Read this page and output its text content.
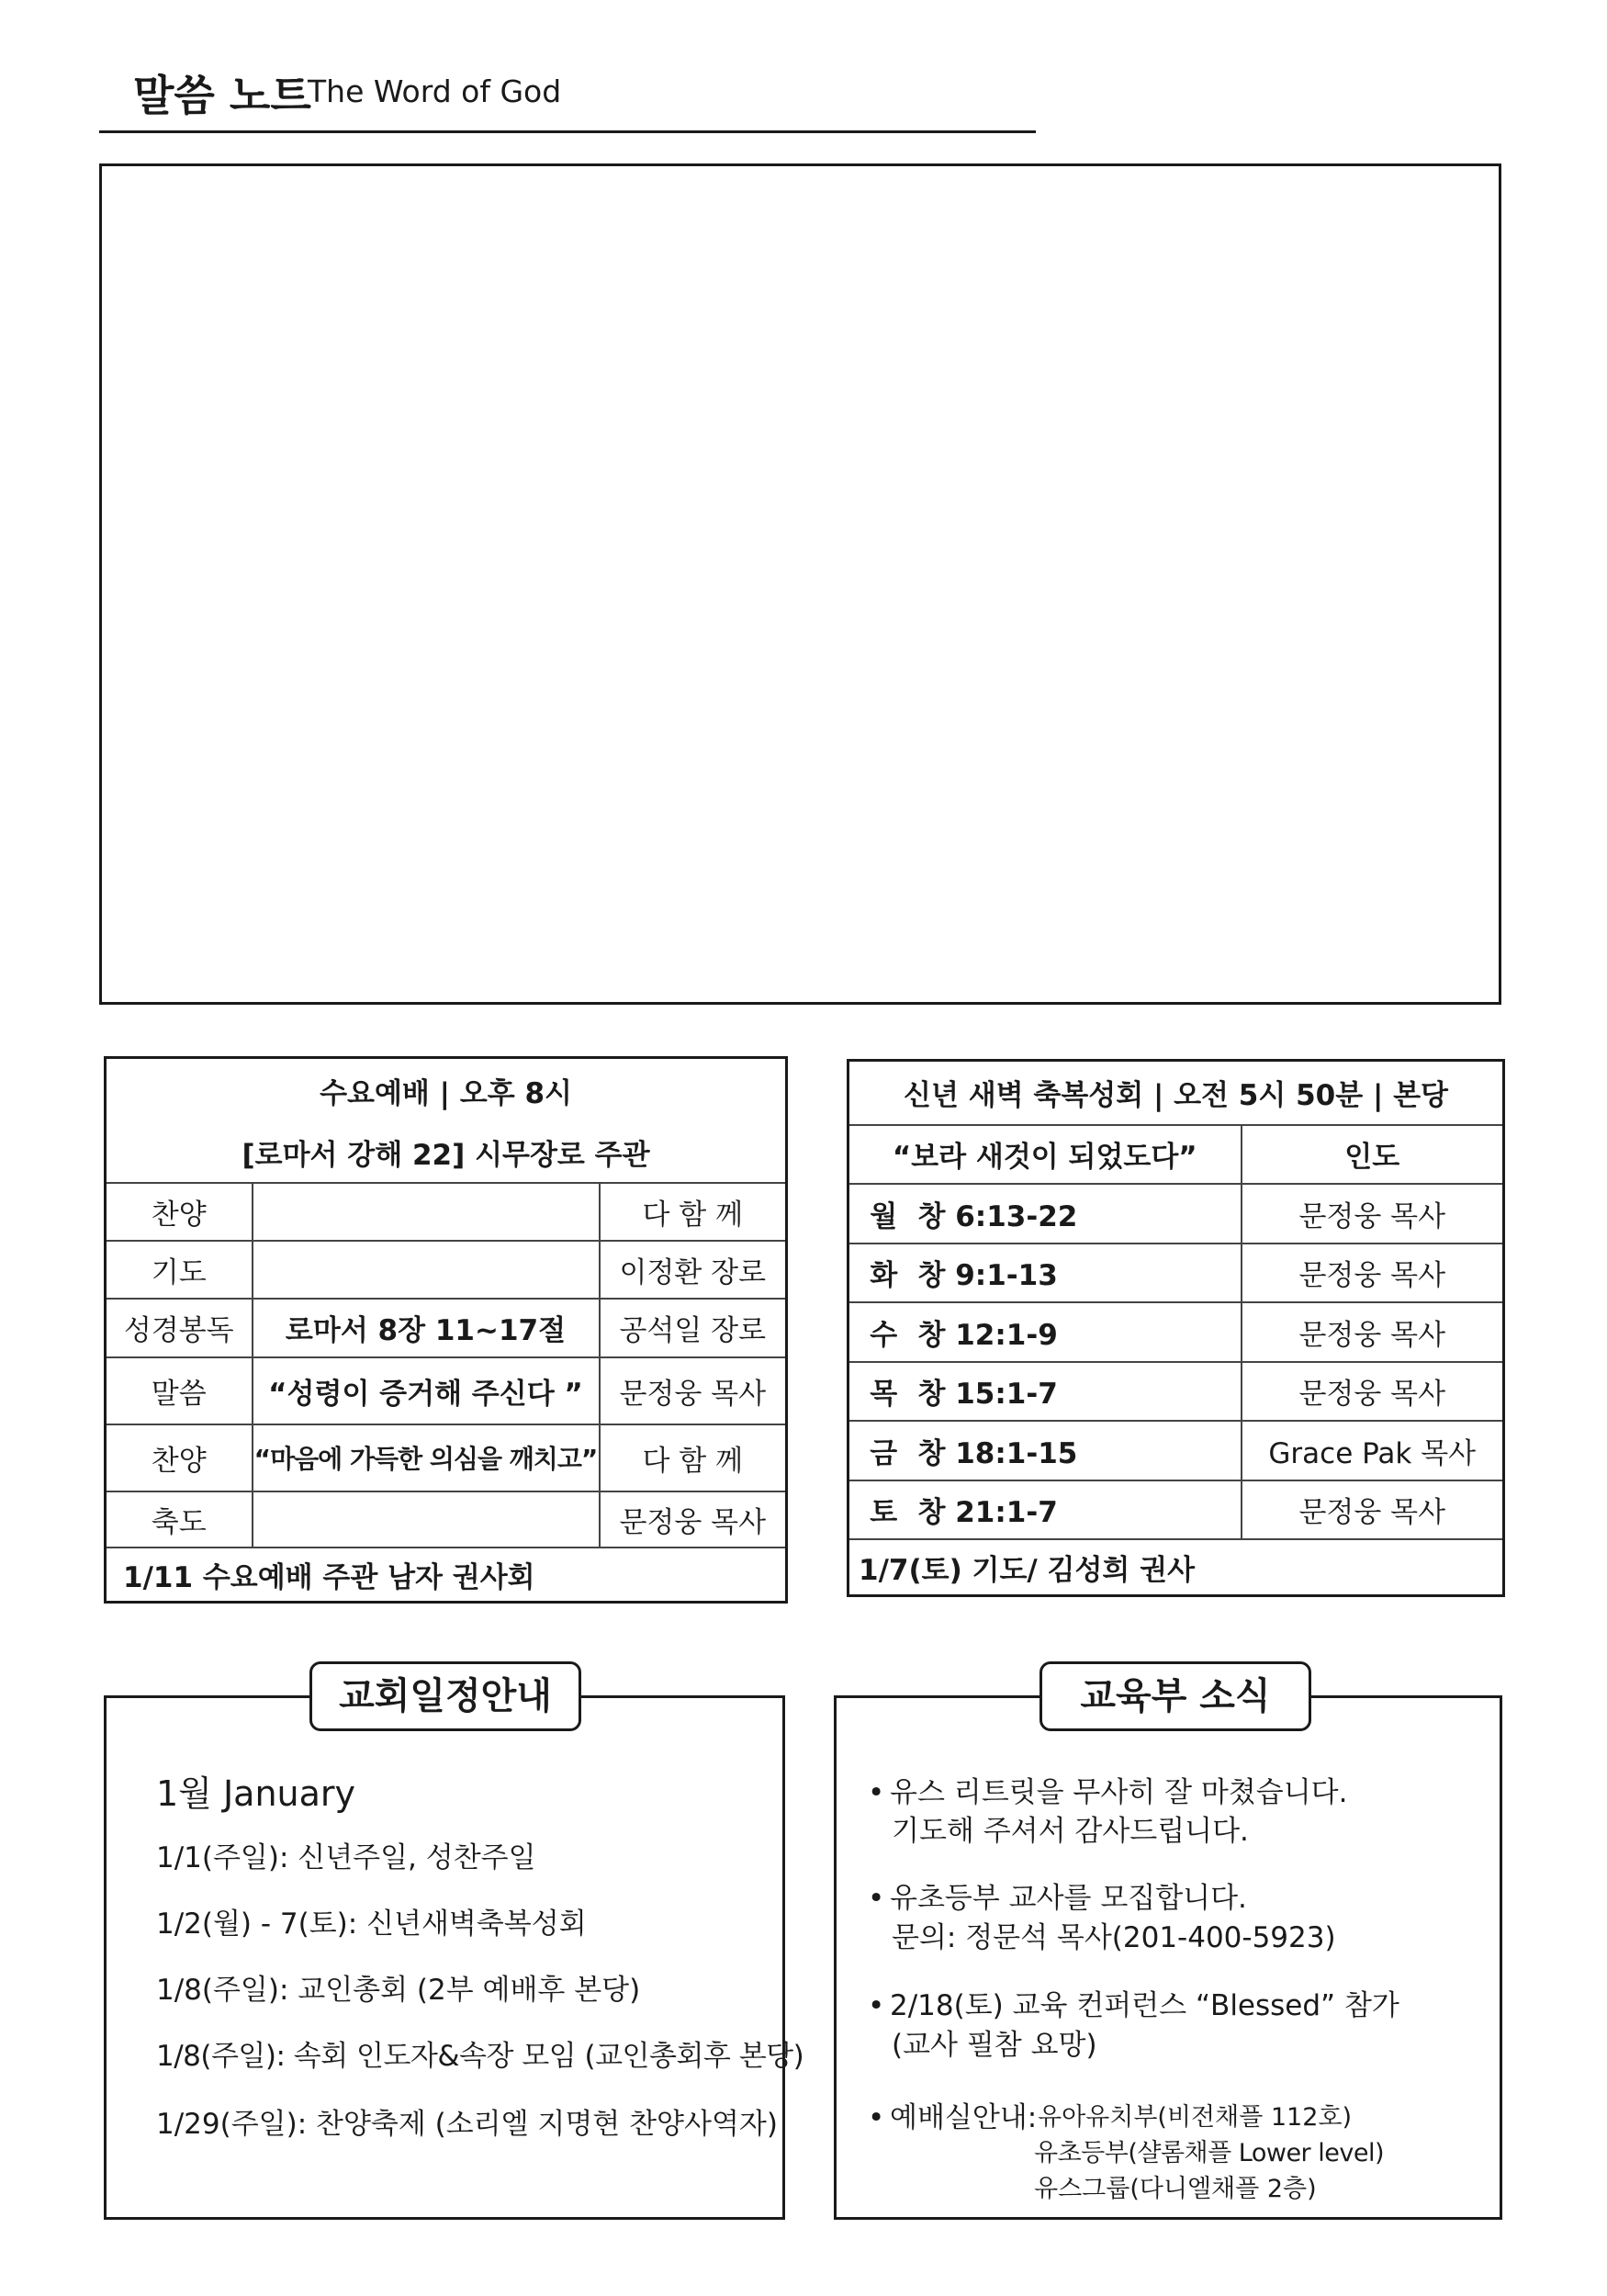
말씀 노트
The Word of God
수요예배 | 오후 8시		
[로마서 강해 22] 시무장로 주관		
찬양		다 함 께
기도		이정환 장로
성경봉독	로마서 8장 11~17절	공석일 장로
말씀	“성령이 증거해 주신다 ”	문정웅 목사
찬양	“마음에 가득한 의심을 깨치고”	다 함 께
축도		문정웅 목사
1/11 수요예배 주관 남자 권사회		
신년 새벽 축복성회 | 오전 5시 50분 | 본당		
“보라 새것이 되었도다”		인도
월	창 6:13-22	문정웅 목사
화	창 9:1-13	문정웅 목사
수	창 12:1-9	문정웅 목사
목	창 15:1-7	문정웅 목사
금	창 18:1-15	Grace Pak 목사
토	창 21:1-7	문정웅 목사
1/7(토) 기도/ 김성희 권사		
교회일정안내
1월 January
1/1(주일): 신년주일, 성찬주일
1/2(월) - 7(토): 신년새벽축복성회
1/8(주일): 교인총회 (2부 예배후 본당)
1/8(주일): 속회 인도자&속장 모임 (교인총회후 본당)
1/29(주일): 찬양축제 (소리엘 지명현 찬양사역자)
교육부 소식
• 유스 리트릿을 무사히 잘 마쳤습니다.
기도해 주셔서 감사드립니다.
• 유초등부 교사를 모집합니다.
문의: 정문석 목사(201-400-5923)
• 2/18(토) 교육 컨퍼런스 “Blessed” 참가
(교사 필참 요망)
• 예배실안내: 유아유치부(비전채플 112호)
유초등부(샬롬채플 Lower level)
유스그룹(다니엘채플 2층)
